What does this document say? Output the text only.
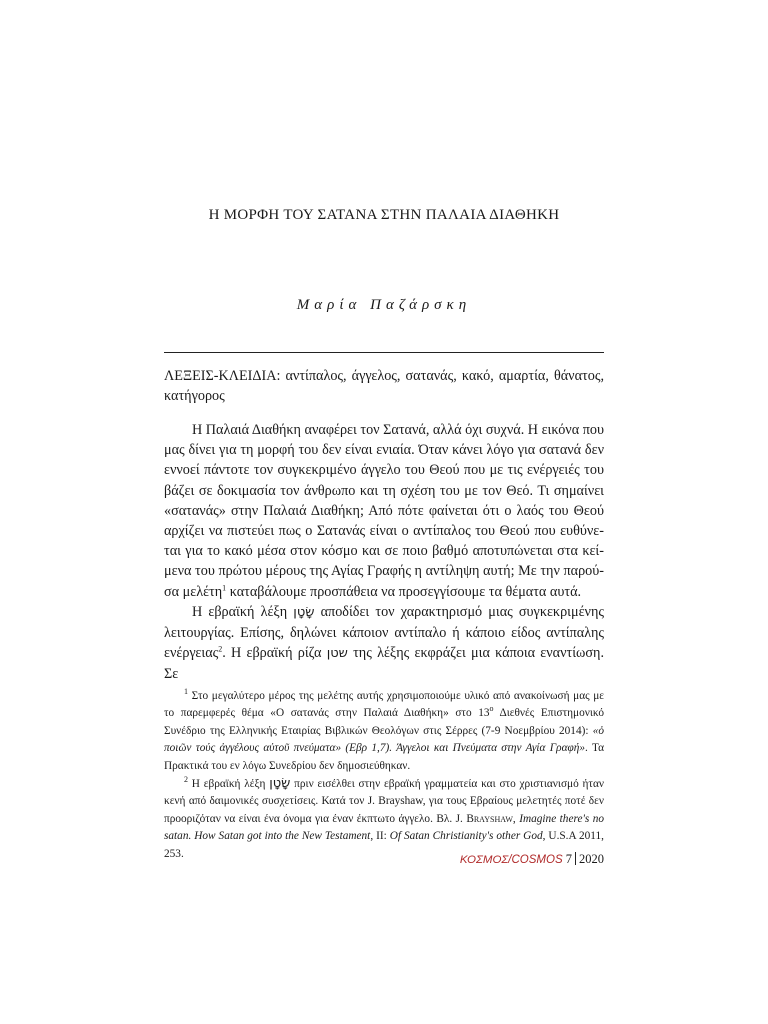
Η ΜΟΡΦΗ ΤΟΥ ΣΑΤΑΝΑ ΣΤΗΝ ΠΑΛΑΙΑ ΔΙΑΘΗΚΗ
Μαρία Παζάρσκη
ΛΕΞΕΙΣ-ΚΛΕΙΔΙΑ: αντίπαλος, άγγελος, σατανάς, κακό, αμαρτία, θάνατος, κατήγορος

Η Παλαιά Διαθήκη αναφέρει τον Σατανά, αλλά όχι συχνά. Η εικόνα που μας δίνει για τη μορφή του δεν είναι ενιαία. Όταν κάνει λόγο για σατανά δεν εννοεί πάντοτε τον συγκεκριμένο άγγελο του Θεού που με τις ενέργειές του βάζει σε δοκιμασία τον άνθρωπο και τη σχέση του με τον Θεό. Τι σημαίνει «σατανάς» στην Παλαιά Διαθήκη; Από πότε φαίνεται ότι ο λαός του Θεού αρχίζει να πιστεύει πως ο Σατανάς είναι ο αντίπαλος του Θεού που ευθύνεται για το κακό μέσα στον κόσμο και σε ποιο βαθμό αποτυπώνεται στα κείμενα του πρώτου μέρους της Αγίας Γραφής η αντίληψη αυτή; Με την παρούσα μελέτη$^1$ καταβάλουμε προσπάθεια να προσεγγίσουμε τα θέματα αυτά.

Η εβραϊκή λέξη שָׂטָן αποδίδει τον χαρακτηρισμό μιας συγκεκριμένης λειτουργίας. Επίσης, δηλώνει κάποιον αντίπαλο ή κάποιο είδος αντίπαλης ενέργειας$^2$. Η εβραϊκή ρίζα שטן της λέξης εκφράζει μια κάποια εναντίωση. Σε

$^1$ Στο μεγαλύτερο μέρος της μελέτης αυτής χρησιμοποιούμε υλικό από ανακοίνωσή μας με το παρεμφερές θέμα «Ο σατανάς στην Παλαιά Διαθήκη» στο $13^o$ Διεθνές Επιστημονικό Συνέδριο της Ελληνικής Εταιρίας Βιβλικών Θεολόγων στις Σέρρες (7-9 Νοεμβρίου 2014): «ὁ ποιῶν τούς ἀγγέλους αὐτοῦ πνεύματα» (Εβρ 1,7). Άγγελοι και Πνεύματα στην Αγία Γραφή». Τα Πρακτικά του εν λόγω Συνεδρίου δεν δημοσιεύθηκαν.

$^2$ Η εβραϊκή λέξη שָׂטָן πριν εισέλθει στην εβραϊκή γραμματεία και στο χριστιανισμό ήταν κενή από δαιμονικές συσχετίσεις. Κατά τον J. Brayshaw, για τους Εβραίους μελετητές ποτέ δεν προοριζόταν να είναι ένα όνομα για έναν έκπτωτο άγγελο. Βλ. J. Brayshaw, Imagine there's no satan. How Satan got into the New Testament, II: Of Satan Christianity's other God, U.S.A 2011, 253.

ΚΟΣΜΟΣ/COSMOS 7 2020
